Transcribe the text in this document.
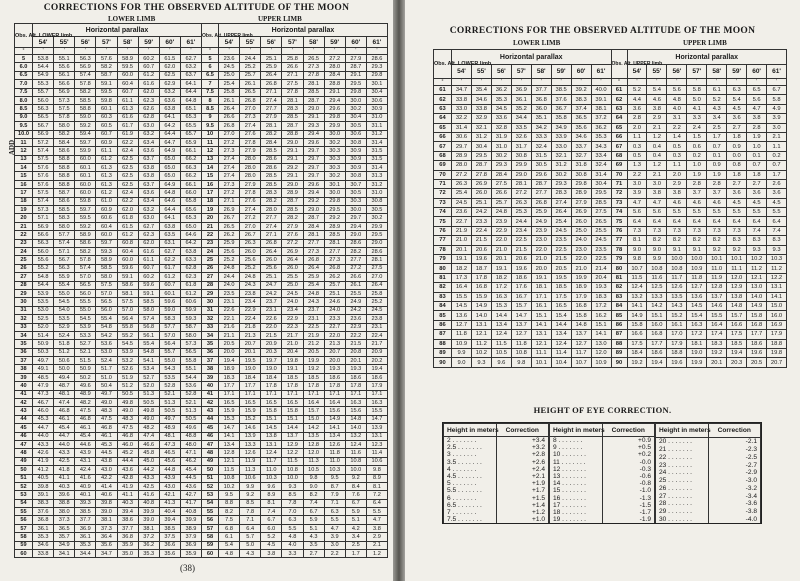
CORRECTIONS FOR THE OBSERVED ALTITUDE OF THE MOON
LOWER LIMB	UPPER LIMB
ADD
Obs. Alt. LOWER limb	Horizontal parallax								Obs. Alt. UPPER limb	Horizontal parallax							
	54'	55'	56'	57'	58'	59'	60'	61'		54'	55'	56'	57'	58'	59'	60'	61'
°	'	'	'	'	'	'	'	'	°	'	'	'	'	'	'	'	'
5	53.8	55.1	56.3	57.6	58.9	60.2	61.5	62.7	5	23.6	24.4	25.1	25.8	26.5	27.2	27.9	28.6
6.0	54.4	55.6	56.9	58.2	59.5	60.7	62.0	63.2	6	24.5	25.2	25.9	26.6	27.3	28.0	28.7	29.3
6.5	54.9	56.1	57.4	58.7	60.0	61.2	62.5	63.7	6.5	25.0	25.7	26.4	27.1	27.8	28.4	29.1	29.8
7.0	55.3	56.6	57.8	59.1	60.4	61.6	62.9	64.1	7	25.4	26.1	26.8	27.5	28.1	28.8	29.5	30.1
7.5	55.7	56.9	58.2	59.5	60.7	62.0	63.2	64.4	7.5	25.8	26.5	27.1	27.8	28.5	29.1	29.8	30.4
8.0	56.0	57.3	58.5	59.8	61.1	62.3	63.6	64.8	8	26.1	26.8	27.4	28.1	28.7	29.4	30.0	30.6
8.5	56.3	57.5	58.8	60.1	61.3	62.6	63.8	65.1	8.5	26.4	27.0	27.7	28.3	29.0	29.6	30.2	30.9
9.0	56.5	57.8	59.0	60.3	61.6	62.8	64.1	65.3	9	26.6	27.3	27.9	28.5	29.1	29.8	30.4	31.0
9.5	56.7	58.0	59.2	60.5	61.7	63.0	64.2	65.5	9.5	26.8	27.4	28.1	28.7	29.3	29.9	30.5	31.1
10.0	56.9	58.2	59.4	60.7	61.9	63.2	64.4	65.7	10	27.0	27.6	28.2	28.8	29.4	30.0	30.6	31.2
11	57.2	58.4	59.7	60.9	62.2	63.4	64.7	65.9	11	27.2	27.8	28.4	29.0	29.6	30.2	30.8	31.4
12	57.4	58.6	59.9	61.1	62.4	63.6	64.9	66.1	12	27.3	27.9	28.5	29.1	29.7	30.3	30.9	31.5
13	57.5	58.8	60.0	61.2	62.5	63.7	65.0	66.2	13	27.4	28.0	28.6	29.1	29.7	30.3	30.9	31.5
14	57.6	58.8	60.1	61.3	62.5	63.8	65.0	66.3	14	27.4	28.0	28.6	29.2	29.7	30.3	30.9	31.4
15	57.6	58.8	60.1	61.3	62.5	63.8	65.0	66.2	15	27.4	28.0	28.5	29.1	29.7	30.2	30.8	31.3
16	57.6	58.8	60.0	61.3	62.5	63.7	64.9	66.1	16	27.3	27.9	28.5	29.0	29.6	30.1	30.7	31.2
17	57.5	58.7	60.0	61.2	62.4	63.6	64.8	66.0	17	27.2	27.8	28.3	28.9	29.4	30.0	30.5	31.0
18	57.4	58.6	59.8	61.0	62.2	63.4	64.6	65.8	18	27.1	27.6	28.2	28.7	29.2	29.8	30.3	30.8
19	57.3	58.5	59.7	60.9	62.0	63.2	64.4	65.6	19	26.9	27.4	28.0	28.5	29.0	29.5	30.0	30.5
20	57.1	58.3	59.5	60.6	61.8	63.0	64.1	65.3	20	26.7	27.2	27.7	28.2	28.7	29.2	29.7	30.2
21	56.9	58.0	59.2	60.4	61.5	62.7	63.8	65.0	21	26.5	27.0	27.4	27.9	28.4	28.9	29.4	29.9
22	56.6	57.7	58.9	60.0	61.2	62.3	63.5	64.6	22	26.2	26.7	27.1	27.6	28.1	28.5	29.0	29.5
23	56.3	57.4	58.6	59.7	60.8	62.0	63.1	64.2	23	25.9	26.3	26.8	27.2	27.7	28.1	28.6	29.0
24	56.0	57.1	58.2	59.3	60.4	61.6	62.7	63.8	24	25.6	26.0	26.4	26.9	27.3	27.7	28.2	28.6
25	55.6	56.7	57.8	58.9	60.0	61.1	62.2	63.3	25	25.2	25.6	26.0	26.4	26.8	27.3	27.7	28.1
26	55.2	56.3	57.4	58.5	59.6	60.7	61.7	62.8	26	24.8	25.2	25.6	26.0	26.4	26.8	27.2	27.5
27	54.8	55.9	57.0	58.0	59.1	60.2	61.2	62.3	27	24.4	24.8	25.1	25.5	25.9	26.2	26.6	27.0
28	54.4	55.4	56.5	57.5	58.6	59.6	60.7	61.8	28	24.0	24.3	24.7	25.0	25.4	25.7	26.1	26.4
29	53.9	55.0	56.0	57.0	58.1	59.1	60.1	61.2	29	23.5	23.8	24.2	24.5	24.8	25.1	25.5	25.8
30	53.5	54.5	55.5	56.5	57.5	58.5	59.6	60.6	30	23.1	23.4	23.7	24.0	24.3	24.6	24.9	25.2
31	53.0	54.0	55.0	56.0	57.0	58.0	59.0	59.9	31	22.6	22.9	23.1	23.4	23.7	24.0	24.2	24.5
32	52.5	53.5	54.5	55.4	56.4	57.4	58.3	59.3	32	22.1	22.4	22.6	22.9	23.1	23.3	23.6	23.8
33	52.0	52.9	53.9	54.8	55.8	56.8	57.7	58.7	33	21.6	21.8	22.0	22.3	22.5	22.7	22.9	23.1
34	51.4	52.4	53.3	54.2	55.2	56.1	57.0	58.0	34	21.1	21.3	21.5	21.7	21.9	22.0	22.2	22.4
35	50.9	51.8	52.7	53.6	54.5	55.4	56.4	57.3	35	20.5	20.7	20.9	21.0	21.2	21.3	21.5	21.7
36	50.3	51.2	52.1	53.0	53.9	54.8	55.7	56.5	36	20.0	20.1	20.3	20.4	20.5	20.7	20.8	20.9
37	49.7	50.6	51.5	52.4	53.2	54.1	55.0	55.8	37	19.4	19.5	19.7	19.8	19.9	20.0	20.1	20.2
38	49.1	50.0	50.9	51.7	52.6	53.4	54.3	55.1	38	18.9	19.0	19.0	19.1	19.2	19.3	19.3	19.4
39	48.5	49.4	50.2	51.0	51.9	52.7	53.5	54.4	39	18.3	18.4	18.4	18.5	18.5	18.6	18.6	18.6
40	47.9	48.7	49.6	50.4	51.2	52.0	52.8	53.6	40	17.7	17.7	17.8	17.8	17.8	17.8	17.8	17.9
41	47.3	48.1	48.9	49.7	50.5	51.3	52.1	52.8	41	17.1	17.1	17.1	17.1	17.1	17.1	17.1	17.1
42	46.7	47.4	48.2	49.0	49.8	50.5	51.3	52.1	42	16.5	16.5	16.5	16.5	16.4	16.4	16.3	16.3
43	46.0	46.8	47.5	48.3	49.0	49.8	50.5	51.3	43	15.9	15.9	15.8	15.8	15.7	15.6	15.6	15.5
44	45.3	46.1	46.8	47.5	48.3	49.0	49.7	50.5	44	15.3	15.2	15.1	15.1	15.0	14.9	14.8	14.7
45	44.7	45.4	46.1	46.8	47.5	48.2	48.9	49.6	45	14.7	14.6	14.5	14.4	14.2	14.1	14.0	13.9
46	44.0	44.7	45.4	46.1	46.8	47.4	48.1	48.8	46	14.1	13.9	13.8	13.7	13.5	13.4	13.2	13.1
47	43.3	44.0	44.6	45.3	46.0	46.6	47.3	48.0	47	13.4	13.3	13.1	12.9	12.8	12.6	12.4	12.3
48	42.6	43.3	43.9	44.5	45.2	45.8	46.5	47.1	48	12.8	12.6	12.4	12.2	12.0	11.8	11.6	11.4
49	41.9	42.5	43.1	43.8	44.4	45.0	45.6	46.2	49	12.1	11.9	11.7	11.5	11.3	11.0	10.8	10.6
50	41.2	41.8	42.4	43.0	43.6	44.2	44.8	45.4	50	11.5	11.3	11.0	10.8	10.5	10.3	10.0	9.8
51	40.5	41.1	41.6	42.2	42.8	43.3	43.9	44.5	51	10.8	10.6	10.3	10.0	9.8	9.5	9.2	8.9
52	39.8	40.3	40.9	41.4	41.9	42.5	43.0	43.6	52	10.2	9.9	9.6	9.3	9.0	8.7	8.4	8.1
53	39.1	39.6	40.1	40.6	41.1	41.6	42.1	42.7	53	9.5	9.2	8.9	8.5	8.2	7.9	7.6	7.2
54	38.3	38.8	39.3	39.8	40.3	40.8	41.3	41.7	54	8.8	8.5	8.1	7.8	7.4	7.1	6.7	6.4
55	37.6	38.0	38.5	39.0	39.4	39.9	40.4	40.8	55	8.2	7.8	7.4	7.0	6.7	6.3	5.9	5.5
56	36.8	37.3	37.7	38.1	38.6	39.0	39.4	39.9	56	7.5	7.1	6.7	6.3	5.9	5.5	5.1	4.7
57	36.1	36.5	36.9	37.3	37.7	38.1	38.5	38.9	57	6.8	6.4	6.0	5.5	5.1	4.7	4.2	3.8
58	35.3	35.7	36.1	36.4	36.8	37.2	37.5	37.9	58	6.1	5.7	5.2	4.8	4.3	3.9	3.4	2.9
59	34.6	34.9	35.3	35.6	35.9	36.2	36.6	36.9	59	5.4	5.0	4.5	4.0	3.5	3.0	2.5	2.1
60	33.8	34.1	34.4	34.7	35.0	35.3	35.6	35.9	60	4.8	4.3	3.8	3.3	2.7	2.2	1.7	1.2
(38)
CORRECTIONS FOR THE OBSERVED ALTITUDE OF THE MOON
LOWER LIMB	UPPER LIMB
Obs. Alt. LOWER limb	Horizontal parallax								Obs. Alt. UPPER limb	Horizontal parallax							
	54'	55'	56'	57'	58'	59'	60'	61'		54'	55'	56'	57'	58'	59'	60'	61'
°	'	'	'	'	'	'	'	'	°	'	'	'	'	'	'	'	'
61	34.7	35.4	36.2	36.9	37.7	38.5	39.2	40.0	61	5.2	5.4	5.6	5.8	6.1	6.3	6.5	6.7
62	33.8	34.6	35.3	36.1	36.8	37.6	38.3	39.1	62	4.4	4.6	4.8	5.0	5.2	5.4	5.6	5.8
63	33.0	33.8	34.5	35.2	36.0	36.7	37.4	38.1	63	3.6	3.8	4.0	4.1	4.3	4.5	4.7	4.9
64	32.2	32.9	33.6	34.4	35.1	35.8	36.5	37.2	64	2.8	2.9	3.1	3.3	3.4	3.6	3.8	3.9
65	31.4	32.1	32.8	33.5	34.2	34.9	35.6	36.2	65	2.0	2.1	2.2	2.4	2.5	2.7	2.8	3.0
66	30.6	31.2	31.9	32.6	33.3	33.9	34.6	35.3	66	1.1	1.2	1.4	1.5	1.7	1.8	1.9	2.1
67	29.7	30.4	31.0	31.7	32.4	33.0	33.7	34.3	67	0.3	0.4	0.5	0.6	0.7	0.9	1.0	1.1
68	28.9	29.5	30.2	30.8	31.5	32.1	32.7	33.4	68	0.5	0.4	0.3	0.2	0.1	0.0	0.1	0.2
69	28.0	28.7	29.3	29.9	30.5	31.2	31.8	32.4	69	1.3	1.2	1.1	1.0	0.9	0.8	0.7	0.7
70	27.2	27.8	28.4	29.0	29.6	30.2	30.8	31.4	70	2.2	2.1	2.0	1.9	1.9	1.8	1.8	1.7
71	26.3	26.9	27.5	28.1	28.7	29.3	29.8	30.4	71	3.0	3.0	2.9	2.8	2.8	2.7	2.7	2.6
72	25.4	26.0	26.6	27.2	27.7	28.3	28.9	29.5	72	3.9	3.8	3.8	3.7	3.7	3.6	3.6	3.6
73	24.5	25.1	25.7	26.3	26.8	27.4	27.9	28.5	73	4.7	4.7	4.6	4.6	4.6	4.5	4.5	4.5
74	23.6	24.2	24.8	25.3	25.9	26.4	26.9	27.5	74	5.6	5.6	5.5	5.5	5.5	5.5	5.5	5.5
75	22.7	23.3	23.9	24.4	24.9	25.4	26.0	26.5	75	6.4	6.4	6.4	6.4	6.4	6.4	6.4	6.4
76	21.9	22.4	22.9	23.4	23.9	24.5	25.0	25.5	76	7.3	7.3	7.3	7.3	7.3	7.3	7.4	7.4
77	21.0	21.5	22.0	22.5	23.0	23.5	24.0	24.5	77	8.1	8.2	8.2	8.2	8.2	8.3	8.3	8.3
78	20.1	20.6	21.0	21.5	22.0	22.5	23.0	23.5	78	9.0	9.0	9.1	9.1	9.2	9.2	9.3	9.3
79	19.1	19.6	20.1	20.6	21.0	21.5	22.0	22.5	79	9.8	9.9	10.0	10.0	10.1	10.1	10.2	10.3
80	18.2	18.7	19.1	19.6	20.0	20.5	21.0	21.4	80	10.7	10.8	10.8	10.9	11.0	11.1	11.2	11.2
81	17.3	17.8	18.2	18.6	19.1	19.5	19.9	20.4	81	11.5	11.6	11.7	11.8	11.9	12.0	12.1	12.2
82	16.4	16.8	17.2	17.6	18.1	18.5	18.9	19.3	82	12.4	12.5	12.6	12.7	12.8	12.9	13.0	13.1
83	15.5	15.9	16.3	16.7	17.1	17.5	17.9	18.3	83	13.2	13.3	13.5	13.6	13.7	13.8	14.0	14.1
84	14.5	14.9	15.3	15.7	16.1	16.5	16.8	17.2	84	14.1	14.2	14.3	14.5	14.6	14.8	14.9	15.0
85	13.6	14.0	14.4	14.7	15.1	15.4	15.8	16.2	85	14.9	15.1	15.2	15.4	15.5	15.7	15.8	16.0
86	12.7	13.1	13.4	13.7	14.1	14.4	14.8	15.1	86	15.8	16.0	16.1	16.3	16.4	16.6	16.8	16.9
87	11.8	12.1	12.4	12.7	13.1	13.4	13.7	14.1	87	16.6	16.8	17.0	17.2	17.4	17.5	17.7	17.9
88	10.9	11.2	11.5	11.8	12.1	12.4	12.7	13.0	88	17.5	17.7	17.9	18.1	18.3	18.5	18.6	18.8
89	9.9	10.2	10.5	10.8	11.1	11.4	11.7	12.0	89	18.4	18.6	18.8	19.0	19.2	19.4	19.6	19.8
90	9.0	9.3	9.6	9.8	10.1	10.4	10.7	10.9	90	19.2	19.4	19.6	19.9	20.1	20.3	20.5	20.7
HEIGHT OF EYE CORRECTION.
Height in meters	Correction
2 . . . . . . .	+3.4
2.5 . . . . . . .	+3.2
3 . . . . . . .	+2.8
3.5 . . . . . . .	+2.6
4 . . . . . . .	+2.4
4.5 . . . . . . .	+2.1
5 . . . . . . .	+1.9
5.5 . . . . . . .	+1.7
6 . . . . . . .	+1.5
6.5 . . . . . . .	+1.4
7 . . . . . . .	+1.2
7.5 . . . . . . .	+1.0
Height in meters	Correction
8 . . . . . . .	+0.9
9 . . . . . . .	+0.5
10 . . . . . . .	+0.2
11 . . . . . . .	-0.0
12 . . . . . . .	-0.3
13 . . . . . . .	-0.6
14 . . . . . . .	-0.8
15 . . . . . . .	-1.0
16 . . . . . . .	-1.3
17 . . . . . . .	-1.5
18 . . . . . . .	-1.7
19 . . . . . . .	-1.9
Height in meters	Correction
20 . . . . . . .	-2.1
21 . . . . . . .	-2.3
22 . . . . . . .	-2.5
23 . . . . . . .	-2.7
24 . . . . . . .	-2.9
25 . . . . . . .	-3.0
26 . . . . . . .	-3.2
27 . . . . . . .	-3.4
28 . . . . . . .	-3.6
29 . . . . . . .	-3.8
30 . . . . . . .	-4.0
